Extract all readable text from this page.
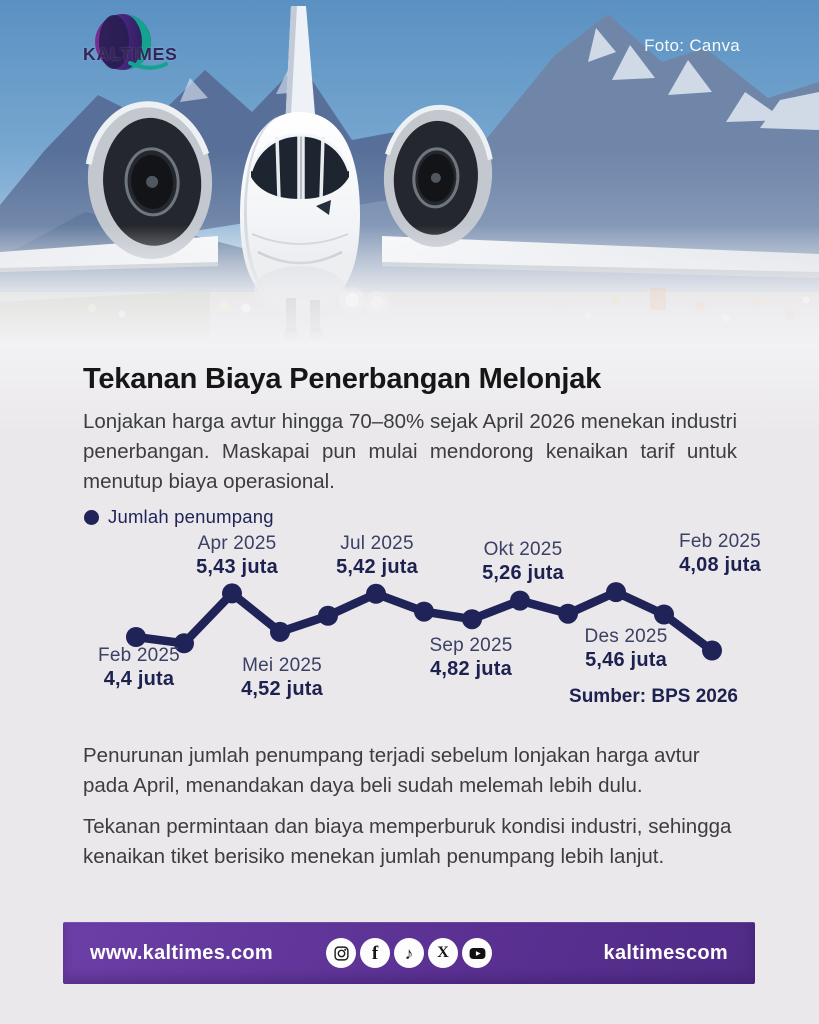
KALTIMES	Foto: Canva
Tekanan Biaya Penerbangan Melonjak

Lonjakan harga avtur hingga 70–80% sejak April 2026 menekan industri penerbangan. Maskapai pun mulai mendorong kenaikan tarif untuk menutup biaya operasional.

Jumlah penumpang
Feb 2025
4,4 juta
Apr 2025
5,43 juta
Mei 2025
4,52 juta
Jul 2025
5,42 juta
Sep 2025
4,82 juta
Okt 2025
5,26 juta
Des 2025
5,46 juta
Feb 2025
4,08 juta
Sumber: BPS 2026

Penurunan jumlah penumpang terjadi sebelum lonjakan harga avtur pada April, menandakan daya beli sudah melemah lebih dulu.

Tekanan permintaan dan biaya memperburuk kondisi industri, sehingga kenaikan tiket berisiko menekan jumlah penumpang lebih lanjut.

www.kaltimes.com	f ♪ X	kaltimescom
